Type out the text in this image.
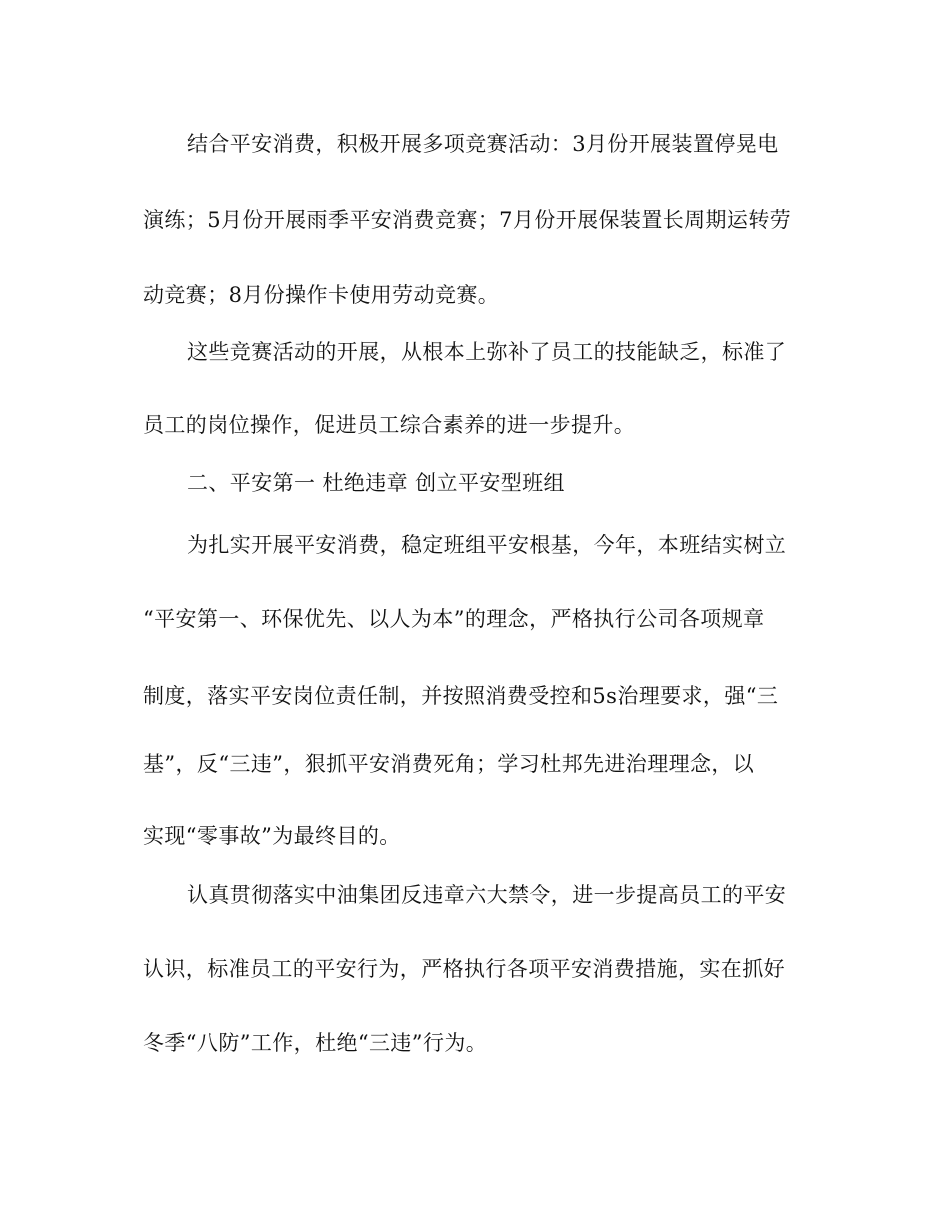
结合平安消费，积极开展多项竞赛活动：3月份开展装置停晃电
演练；5月份开展雨季平安消费竞赛；7月份开展保装置长周期运转劳
动竞赛；8月份操作卡使用劳动竞赛。
这些竞赛活动的开展，从根本上弥补了员工的技能缺乏，标准了
员工的岗位操作，促进员工综合素养的进一步提升。
二、平安第一 杜绝违章 创立平安型班组
为扎实开展平安消费，稳定班组平安根基，今年，本班结实树立
“平安第一、环保优先、以人为本”的理念，严格执行公司各项规章
制度，落实平安岗位责任制，并按照消费受控和5s治理要求，强“三
基”，反“三违”，狠抓平安消费死角；学习杜邦先进治理理念，以
实现“零事故”为最终目的。
认真贯彻落实中油集团反违章六大禁令，进一步提高员工的平安
认识，标准员工的平安行为，严格执行各项平安消费措施，实在抓好
冬季“八防”工作，杜绝“三违”行为。
